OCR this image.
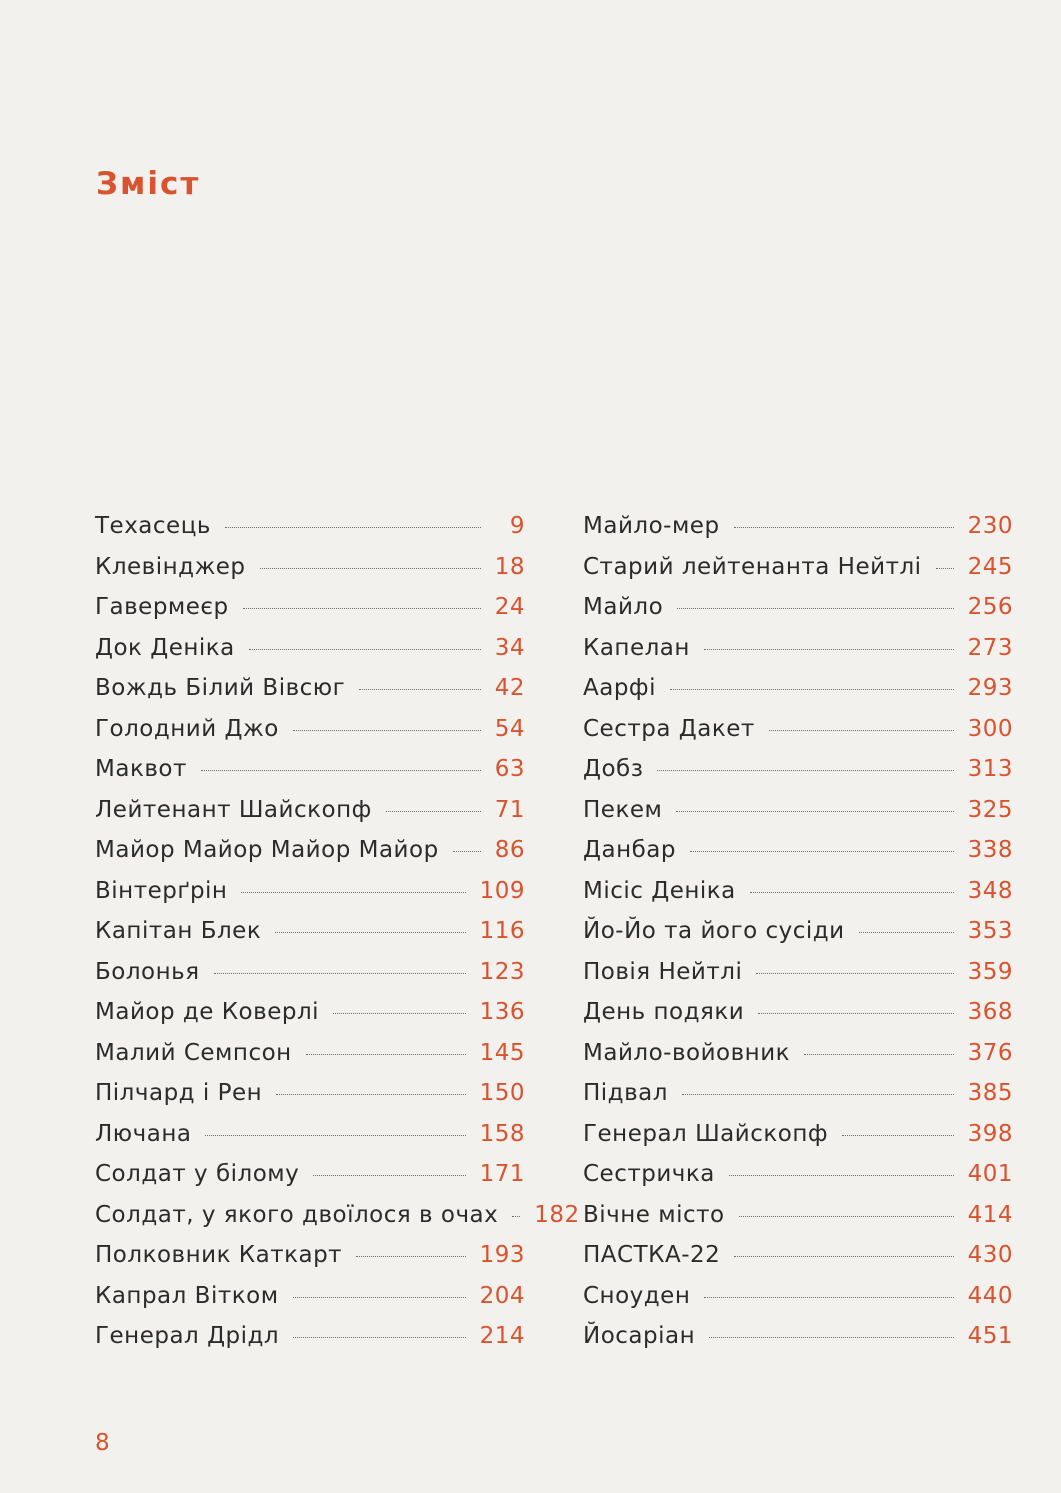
Зміст
Техасець	9
Клевінджер	18
Гавермеєр	24
Док Деніка	34
Вождь Білий Вівсюг	42
Голодний Джо	54
Маквот	63
Лейтенант Шайскопф	71
Майор Майор Майор Майор 86
Вінтерґрін	109
Капітан Блек	116
Болонья	123
Майор де Коверлі	136
Малий Семпсон	145
Пілчард і Рен	150
Лючана	158
Солдат у білому	171
Солдат, у якого двоїлося в очах 182
Полковник Каткарт	193
Капрал Вітком	204
Генерал Дрідл	214
Майло-мер	230
Старий лейтенанта Нейтлі 245
Майло	256
Капелан	273
Аарфі	293
Сестра Дакет	300
Добз	313
Пекем	325
Данбар	338
Місіс Деніка	348
Йо-Йо та його сусіди	353
Повія Нейтлі	359
День подяки	368
Майло-войовник	376
Підвал	385
Генерал Шайскопф	398
Сестричка	401
Вічне місто	414
ПАСТКА-22	430
Сноуден	440
Йосаріан	451
8
